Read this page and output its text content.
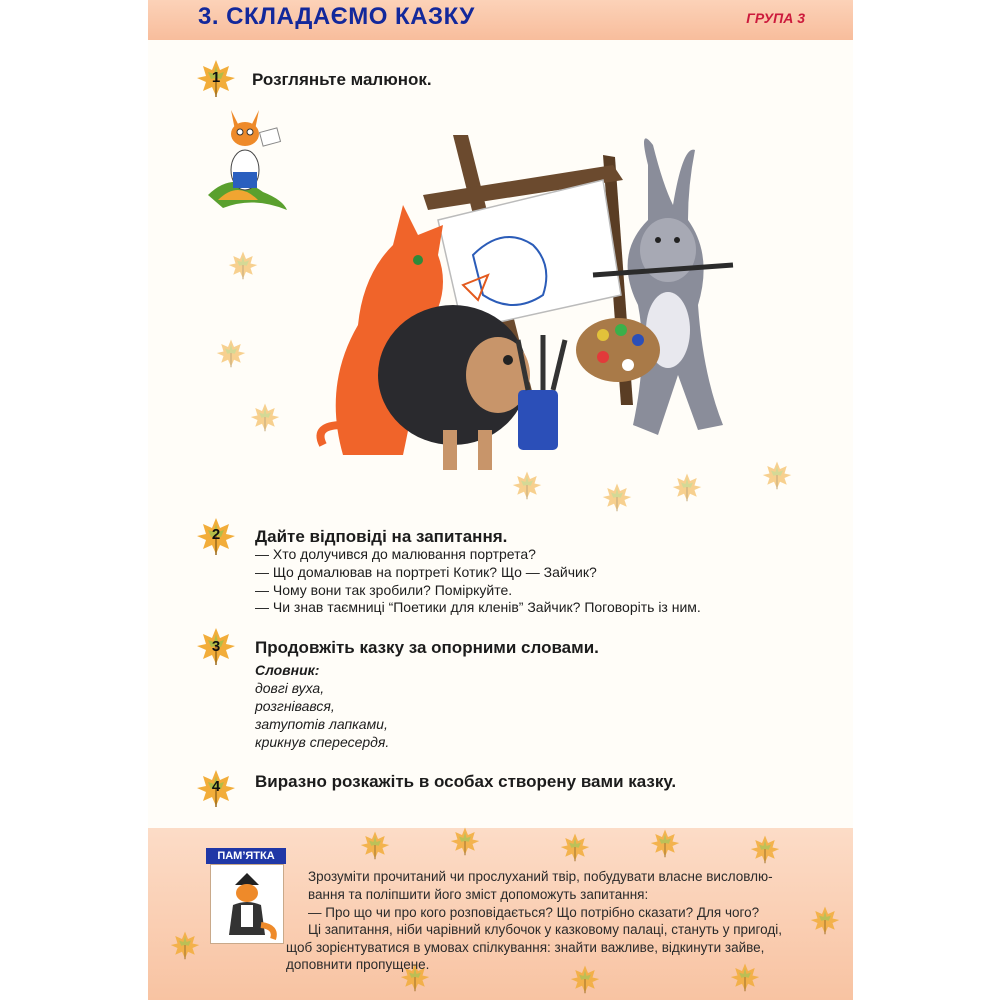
3. СКЛАДАЄМО КАЗКУ	ГРУПА 3
1	Розгляньте малюнок.
2	Дайте відповіді на запитання.
— Хто долучився до малювання портрета?
— Що домалював на портреті Котик? Що — Зайчик?
— Чому вони так зробили? Поміркуйте.
— Чи знав таємниці “Поетики для кленів” Зайчик? Поговоріть із ним.
3	Продовжіть казку за опорними словами.
Словник:
довгі вуха,
розгнівався,
затупотів лапками,
крикнув спересердя.
4	Виразно розкажіть в особах створену вами казку.
ПАМ’ЯТКА
Зрозуміти прочитаний чи прослуханий твір, побудувати власне висловлю-
вання та поліпшити його зміст допоможуть запитання:
— Про що чи про кого розповідається? Що потрібно сказати? Для чого?
Ці запитання, ніби чарівний клубочок у казковому палаці, стануть у пригоді,
щоб зорієнтуватися в умовах спілкування: знайти важливе, відкинути зайве,
доповнити пропущене.
